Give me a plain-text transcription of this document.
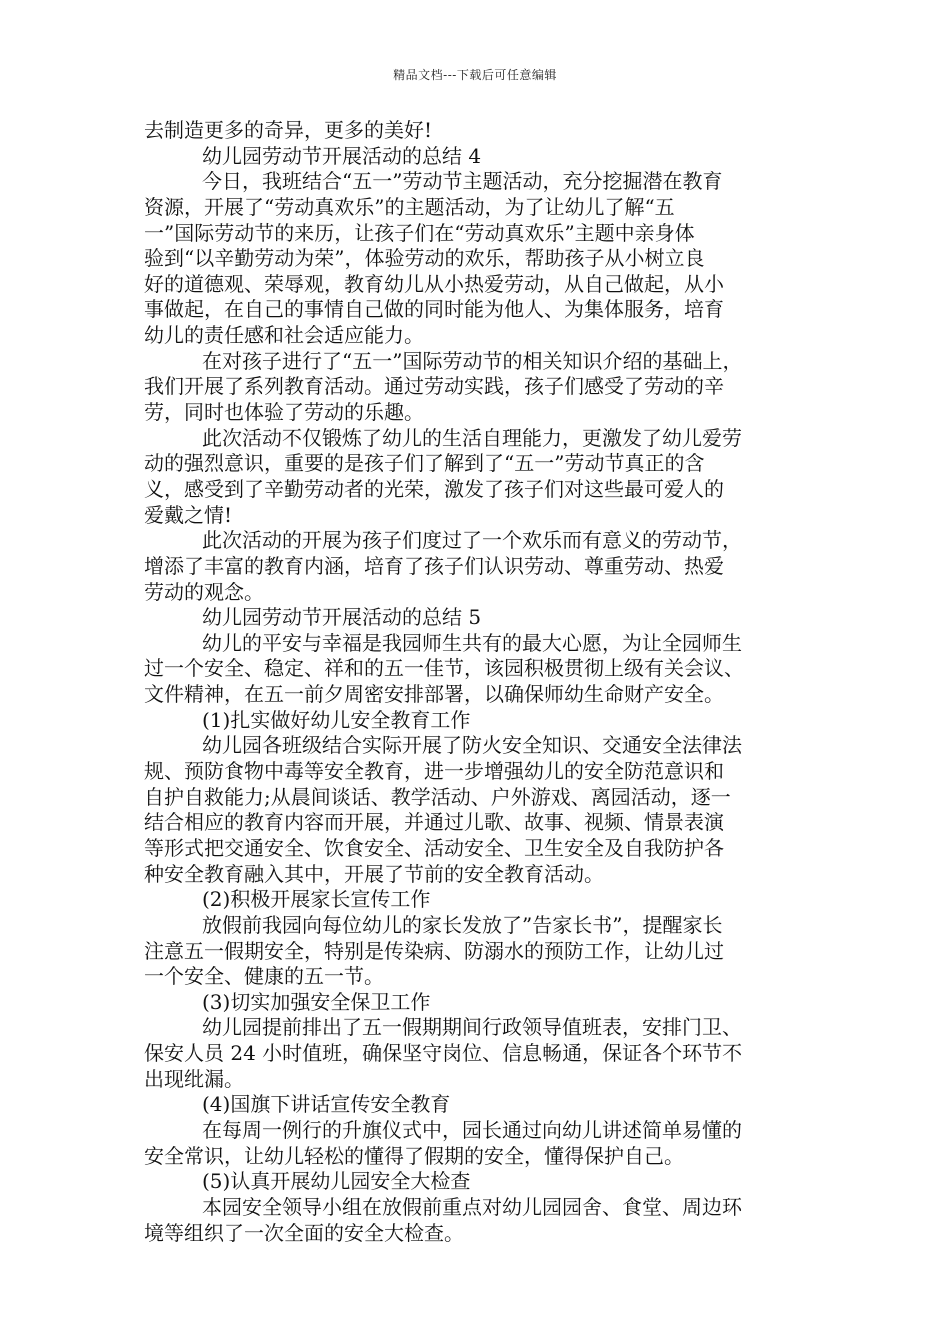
精品文档---下载后可任意编辑
去制造更多的奇异，更多的美好!
幼儿园劳动节开展活动的总结 4
今日，我班结合“五一”劳动节主题活动，充分挖掘潜在教育
资源，开展了“劳动真欢乐”的主题活动，为了让幼儿了解“五
一”国际劳动节的来历，让孩子们在“劳动真欢乐”主题中亲身体
验到“以辛勤劳动为荣”，体验劳动的欢乐，帮助孩子从小树立良
好的道德观、荣辱观，教育幼儿从小热爱劳动，从自己做起，从小
事做起，在自己的事情自己做的同时能为他人、为集体服务，培育
幼儿的责任感和社会适应能力。
在对孩子进行了“五一”国际劳动节的相关知识介绍的基础上，
我们开展了系列教育活动。通过劳动实践，孩子们感受了劳动的辛
劳，同时也体验了劳动的乐趣。
此次活动不仅锻炼了幼儿的生活自理能力，更激发了幼儿爱劳
动的强烈意识，重要的是孩子们了解到了“五一”劳动节真正的含
义，感受到了辛勤劳动者的光荣，激发了孩子们对这些最可爱人的
爱戴之情!
此次活动的开展为孩子们度过了一个欢乐而有意义的劳动节，
增添了丰富的教育内涵，培育了孩子们认识劳动、尊重劳动、热爱
劳动的观念。
幼儿园劳动节开展活动的总结 5
幼儿的平安与幸福是我园师生共有的最大心愿，为让全园师生
过一个安全、稳定、祥和的五一佳节，该园积极贯彻上级有关会议、
文件精神，在五一前夕周密安排部署，以确保师幼生命财产安全。
(1)扎实做好幼儿安全教育工作
幼儿园各班级结合实际开展了防火安全知识、交通安全法律法
规、预防食物中毒等安全教育，进一步增强幼儿的安全防范意识和
自护自救能力;从晨间谈话、教学活动、户外游戏、离园活动，逐一
结合相应的教育内容而开展，并通过儿歌、故事、视频、情景表演
等形式把交通安全、饮食安全、活动安全、卫生安全及自我防护各
种安全教育融入其中，开展了节前的安全教育活动。
(2)积极开展家长宣传工作
放假前我园向每位幼儿的家长发放了”告家长书”，提醒家长
注意五一假期安全，特别是传染病、防溺水的预防工作，让幼儿过
一个安全、健康的五一节。
(3)切实加强安全保卫工作
幼儿园提前排出了五一假期期间行政领导值班表，安排门卫、
保安人员 24 小时值班，确保坚守岗位、信息畅通，保证各个环节不
出现纰漏。
(4)国旗下讲话宣传安全教育
在每周一例行的升旗仪式中，园长通过向幼儿讲述简单易懂的
安全常识，让幼儿轻松的懂得了假期的安全，懂得保护自己。
(5)认真开展幼儿园安全大检查
本园安全领导小组在放假前重点对幼儿园园舍、食堂、周边环
境等组织了一次全面的安全大检查。
